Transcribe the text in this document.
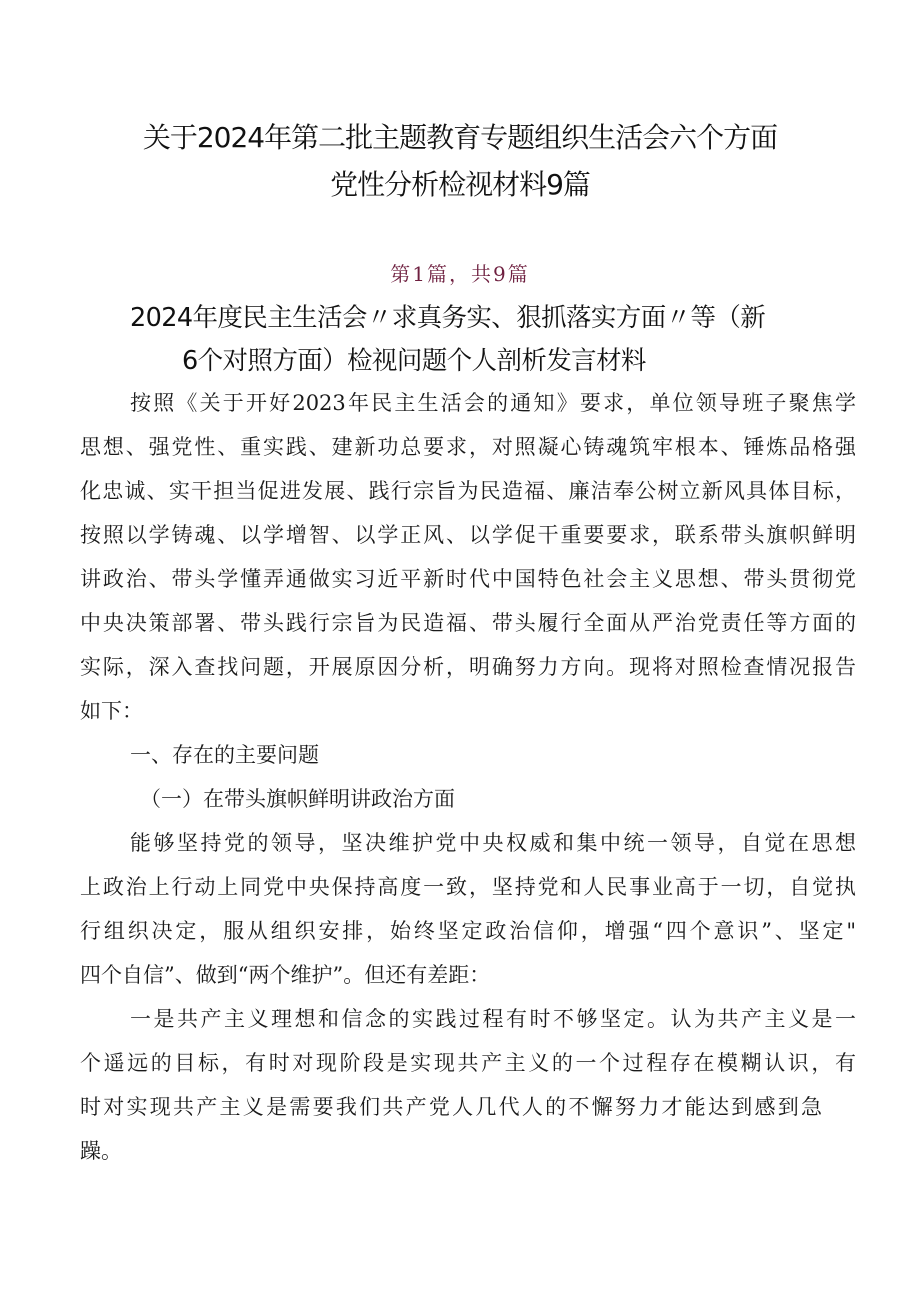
关于2024年第二批主题教育专题组织生活会六个方面
党性分析检视材料9篇
第1篇，共9篇
2024年度民主生活会〃求真务实、狠抓落实方面〃等（新
6个对照方面）检视问题个人剖析发言材料
按照《关于开好2023年民主生活会的通知》要求，单位领导班子聚焦学
思想、强党性、重实践、建新功总要求，对照凝心铸魂筑牢根本、锤炼品格强
化忠诚、实干担当促进发展、践行宗旨为民造福、廉洁奉公树立新风具体目标，
按照以学铸魂、以学增智、以学正风、以学促干重要要求，联系带头旗帜鲜明
讲政治、带头学懂弄通做实习近平新时代中国特色社会主义思想、带头贯彻党
中央决策部署、带头践行宗旨为民造福、带头履行全面从严治党责任等方面的
实际，深入查找问题，开展原因分析，明确努力方向。现将对照检查情况报告
如下：
一、存在的主要问题
（一）在带头旗帜鲜明讲政治方面
能够坚持党的领导，坚决维护党中央权威和集中统一领导，自觉在思想
上政治上行动上同党中央保持高度一致，坚持党和人民事业高于一切，自觉执
行组织决定，服从组织安排，始终坚定政治信仰，增强“四个意识”、坚定"
四个自信”、做到“两个维护”。但还有差距：
一是共产主义理想和信念的实践过程有时不够坚定。认为共产主义是一
个遥远的目标，有时对现阶段是实现共产主义的一个过程存在模糊认识，有
时对实现共产主义是需要我们共产党人几代人的不懈努力才能达到感到急
躁。
